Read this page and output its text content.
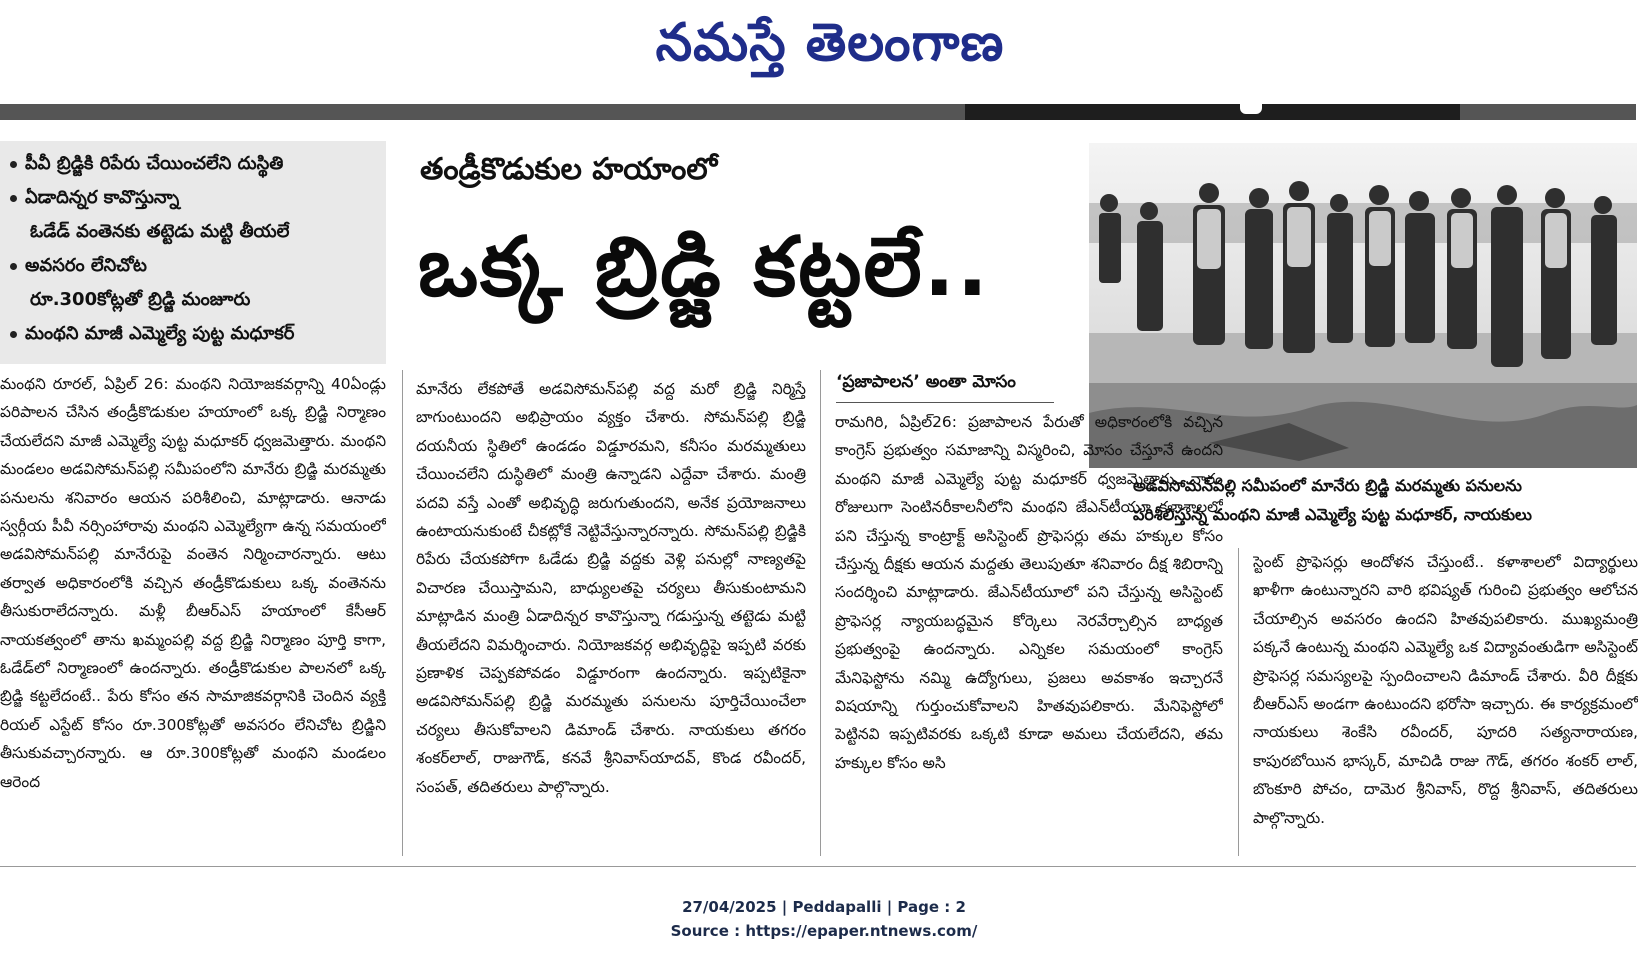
నమస్తే తెలంగాణ
పీవీ బ్రిడ్జికి రిపేరు చేయించలేని దుస్థితి
ఏడాదిన్నర కావొస్తున్నా
ఓడేడ్ వంతెనకు తట్టెడు మట్టి తీయలే
అవసరం లేనిచోట
రూ.300కోట్లతో బ్రిడ్జి మంజూరు
మంథని మాజీ ఎమ్మెల్యే పుట్ట మధూకర్
తండ్రీకొడుకుల హయాంలో
ఒక్క బ్రిడ్జి కట్టలే..
అడవిసోమన్‌పల్లి సమీపంలో మానేరు బ్రిడ్జి మరమ్మతు పనులను
పరిశీలిస్తున్న మంథని మాజీ ఎమ్మెల్యే పుట్ట మధూకర్, నాయకులు

మంథని రూరల్, ఏప్రిల్ 26: మంథని నియోజకవర్గాన్ని 40ఏండ్లు పరిపాలన చేసిన తండ్రీకొడుకుల హయాంలో ఒక్క బ్రిడ్జి నిర్మాణం చేయలేదని మాజీ ఎమ్మెల్యే పుట్ట మధూకర్ ధ్వజమెత్తారు. మంథని మండలం అడవిసోమన్‌పల్లి సమీపంలోని మానేరు బ్రిడ్జి మరమ్మతు పనులను శనివారం ఆయన పరిశీలించి, మాట్లాడారు. ఆనాడు స్వర్గీయ పీవీ నర్సింహారావు మంథని ఎమ్మెల్యేగా ఉన్న సమయంలో అడవిసోమన్‌పల్లి మానేరుపై వంతెన నిర్మించారన్నారు. ఆటు తర్వాత అధికారంలోకి వచ్చిన తండ్రీకొడుకులు ఒక్క వంతెనను తీసుకురాలేదన్నారు. మళ్లీ బీఆర్‌ఎస్ హయాంలో కేసీఆర్ నాయకత్వంలో తాను ఖమ్మంపల్లి వద్ద బ్రిడ్జి నిర్మాణం పూర్తి కాగా, ఓడేడ్‌లో నిర్మాణంలో ఉందన్నారు. తండ్రీకొడుకుల పాలనలో ఒక్క బ్రిడ్జి కట్టలేదంటే.. పేరు కోసం తన సామాజికవర్గానికి చెందిన వ్యక్తి రియల్ ఎస్టేట్ కోసం రూ.300కోట్లతో అవసరం లేనిచోట బ్రిడ్జిని తీసుకువచ్చారన్నారు. ఆ రూ.300కోట్లతో మంథని మండలం ఆరెంద

మానేరు లేకపోతే అడవిసోమన్‌పల్లి వద్ద మరో బ్రిడ్జి నిర్మిస్తే బాగుంటుందని అభిప్రాయం వ్యక్తం చేశారు. సోమన్‌పల్లి బ్రిడ్జి దయనీయ స్థితిలో ఉండడం విడ్డూరమని, కనీసం మరమ్మతులు చేయించలేని దుస్థితిలో మంత్రి ఉన్నాడని ఎద్దేవా చేశారు. మంత్రి పదవి వస్తే ఎంతో అభివృద్ధి జరుగుతుందని, అనేక ప్రయోజనాలు ఉంటాయనుకుంటే చీకట్లోకే నెట్టివేస్తున్నారన్నారు. సోమన్‌పల్లి బ్రిడ్జికి రిపేరు చేయకపోగా ఓడేడు బ్రిడ్జి వద్దకు వెళ్లి పనుల్లో నాణ్యతపై విచారణ చేయిస్తామని, బాధ్యులతపై చర్యలు తీసుకుంటామని మాట్లాడిన మంత్రి ఏడాదిన్నర కావొస్తున్నా గడుస్తున్న తట్టెడు మట్టి తీయలేదని విమర్శించారు. నియోజకవర్గ అభివృద్ధిపై ఇప్పటి వరకు ప్రణాళిక చెప్పకపోవడం విడ్డూరంగా ఉందన్నారు. ఇప్పటికైనా అడవిసోమన్‌పల్లి బ్రిడ్జి మరమ్మతు పనులను పూర్తిచేయించేలా చర్యలు తీసుకోవాలని డిమాండ్ చేశారు. నాయకులు తగరం శంకర్‌లాల్, రాజుగౌడ్, కనవే శ్రీనివాస్‌యాదవ్, కొండ రవీందర్, సంపత్, తదితరులు పాల్గొన్నారు.

‘ప్రజాపాలన’ అంతా మోసం

రామగిరి, ఏప్రిల్26: ప్రజాపాలన పేరుతో అధికారంలోకి వచ్చిన కాంగ్రెస్ ప్రభుత్వం సమాజాన్ని విస్మరించి, మోసం చేస్తూనే ఉందని మంథని మాజీ ఎమ్మెల్యే పుట్ట మధూకర్ ధ్వజమెత్తారు. వారం రోజులుగా సెంటినరీకాలనీలోని మంథని జేఎన్‌టీయూ కళాశాలలో పని చేస్తున్న కాంట్రాక్ట్ అసిస్టెంట్ ప్రొఫెసర్లు తమ హక్కుల కోసం చేస్తున్న దీక్షకు ఆయన మద్దతు తెలుపుతూ శనివారం దీక్ష శిబిరాన్ని సందర్శించి మాట్లాడారు. జేఎన్‌టీయూలో పని చేస్తున్న అసిస్టెంట్ ప్రొఫెసర్ల న్యాయబద్ధమైన కోర్కెలు నెరవేర్చాల్సిన బాధ్యత ప్రభుత్వంపై ఉందన్నారు. ఎన్నికల సమయంలో కాంగ్రెస్ మేనిఫెస్టోను నమ్మి ఉద్యోగులు, ప్రజలు అవకాశం ఇచ్చారనే విషయాన్ని గుర్తుంచుకోవాలని హితవుపలికారు. మేనిఫెస్టోలో పెట్టినవి ఇప్పటివరకు ఒక్కటి కూడా అమలు చేయలేదని, తమ హక్కుల కోసం అసి

స్టెంట్ ప్రొఫెసర్లు ఆందోళన చేస్తుంటే.. కళాశాలలో విద్యార్థులు ఖాళీగా ఉంటున్నారని వారి భవిష్యత్ గురించి ప్రభుత్వం ఆలోచన చేయాల్సిన అవసరం ఉందని హితవుపలికారు. ముఖ్యమంత్రి పక్కనే ఉంటున్న మంథని ఎమ్మెల్యే ఒక విద్యావంతుడిగా అసిస్టెంట్ ప్రొఫెసర్ల సమస్యలపై స్పందించాలని డిమాండ్ చేశారు. వీరి దీక్షకు బీఆర్‌ఎస్ అండగా ఉంటుందని భరోసా ఇచ్చారు. ఈ కార్యక్రమంలో నాయకులు శెంకేసి రవీందర్, పూదరి సత్యనారాయణ, కాపురబోయిన భాస్కర్, మాచిడి రాజు గౌడ్, తగరం శంకర్ లాల్, బొంకూరి పోచం, దామెర శ్రీనివాస్, రొద్ద శ్రీనివాస్, తదితరులు పాల్గొన్నారు.

27/04/2025 | Peddapalli | Page : 2
Source : https://epaper.ntnews.com/
